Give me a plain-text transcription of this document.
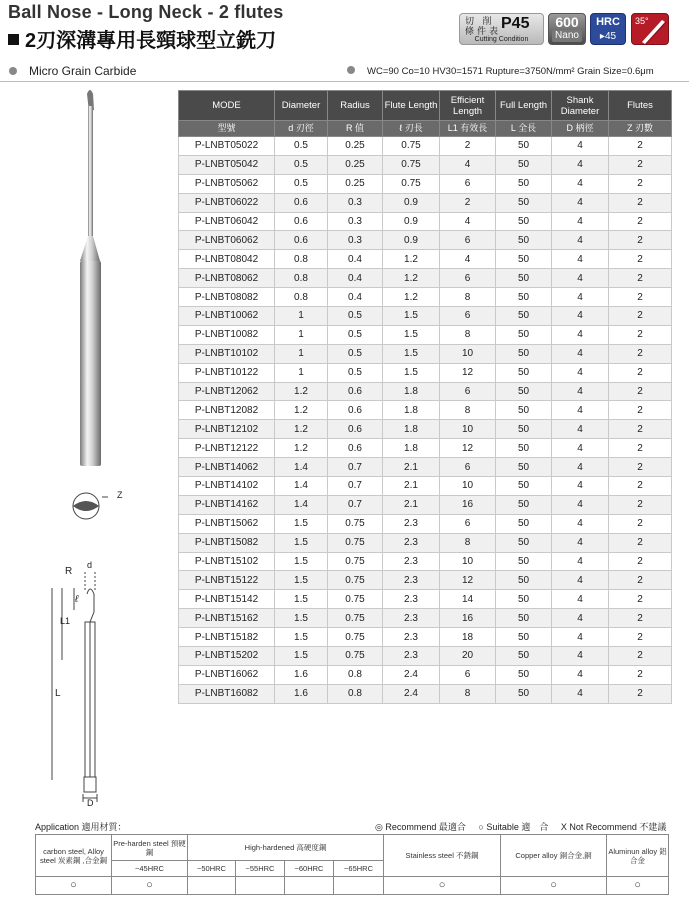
Ball Nose - Long Neck - 2 flutes
2刃深溝專用長頸球型立銑刀
切 削
條件表 P45
Cutting Condition
600
Nano
HRC
▸45
35°
Micro Grain Carbide	WC=90 Co=10 HV30=1571 Rupture=3750N/mm² Grain Size=0.6μm
Z
R
d
ℓ
L1
L
D
MODE	Diameter	Radius	Flute Length	Efficient Length	Full Length	Shank Diameter	Flutes
型號	d 刃徑	R 值	ℓ 刃長	L1 有效長	L 全長	D 柄徑	Z 刃數
P-LNBT05022	0.5	0.25	0.75	2	50	4	2
P-LNBT05042	0.5	0.25	0.75	4	50	4	2
P-LNBT05062	0.5	0.25	0.75	6	50	4	2
P-LNBT06022	0.6	0.3	0.9	2	50	4	2
P-LNBT06042	0.6	0.3	0.9	4	50	4	2
P-LNBT06062	0.6	0.3	0.9	6	50	4	2
P-LNBT08042	0.8	0.4	1.2	4	50	4	2
P-LNBT08062	0.8	0.4	1.2	6	50	4	2
P-LNBT08082	0.8	0.4	1.2	8	50	4	2
P-LNBT10062	1	0.5	1.5	6	50	4	2
P-LNBT10082	1	0.5	1.5	8	50	4	2
P-LNBT10102	1	0.5	1.5	10	50	4	2
P-LNBT10122	1	0.5	1.5	12	50	4	2
P-LNBT12062	1.2	0.6	1.8	6	50	4	2
P-LNBT12082	1.2	0.6	1.8	8	50	4	2
P-LNBT12102	1.2	0.6	1.8	10	50	4	2
P-LNBT12122	1.2	0.6	1.8	12	50	4	2
P-LNBT14062	1.4	0.7	2.1	6	50	4	2
P-LNBT14102	1.4	0.7	2.1	10	50	4	2
P-LNBT14162	1.4	0.7	2.1	16	50	4	2
P-LNBT15062	1.5	0.75	2.3	6	50	4	2
P-LNBT15082	1.5	0.75	2.3	8	50	4	2
P-LNBT15102	1.5	0.75	2.3	10	50	4	2
P-LNBT15122	1.5	0.75	2.3	12	50	4	2
P-LNBT15142	1.5	0.75	2.3	14	50	4	2
P-LNBT15162	1.5	0.75	2.3	16	50	4	2
P-LNBT15182	1.5	0.75	2.3	18	50	4	2
P-LNBT15202	1.5	0.75	2.3	20	50	4	2
P-LNBT16062	1.6	0.8	2.4	6	50	4	2
P-LNBT16082	1.6	0.8	2.4	8	50	4	2
Application 適用材質：	◎ Recommend 最適合 ○ Suitable 適　合 X Not Recommend 不建議
carbon steel, Alloy steel 炭素鋼 ,合金鋼	Pre-harden steel 預硬鋼	High-hardened 高硬度鋼				Stainless steel 不銹鋼	Copper alloy 銅合金,銅	Aluminun alloy 鋁合金
	~45HRC	~50HRC	~55HRC	~60HRC	~65HRC			
○	○					○	○	○
